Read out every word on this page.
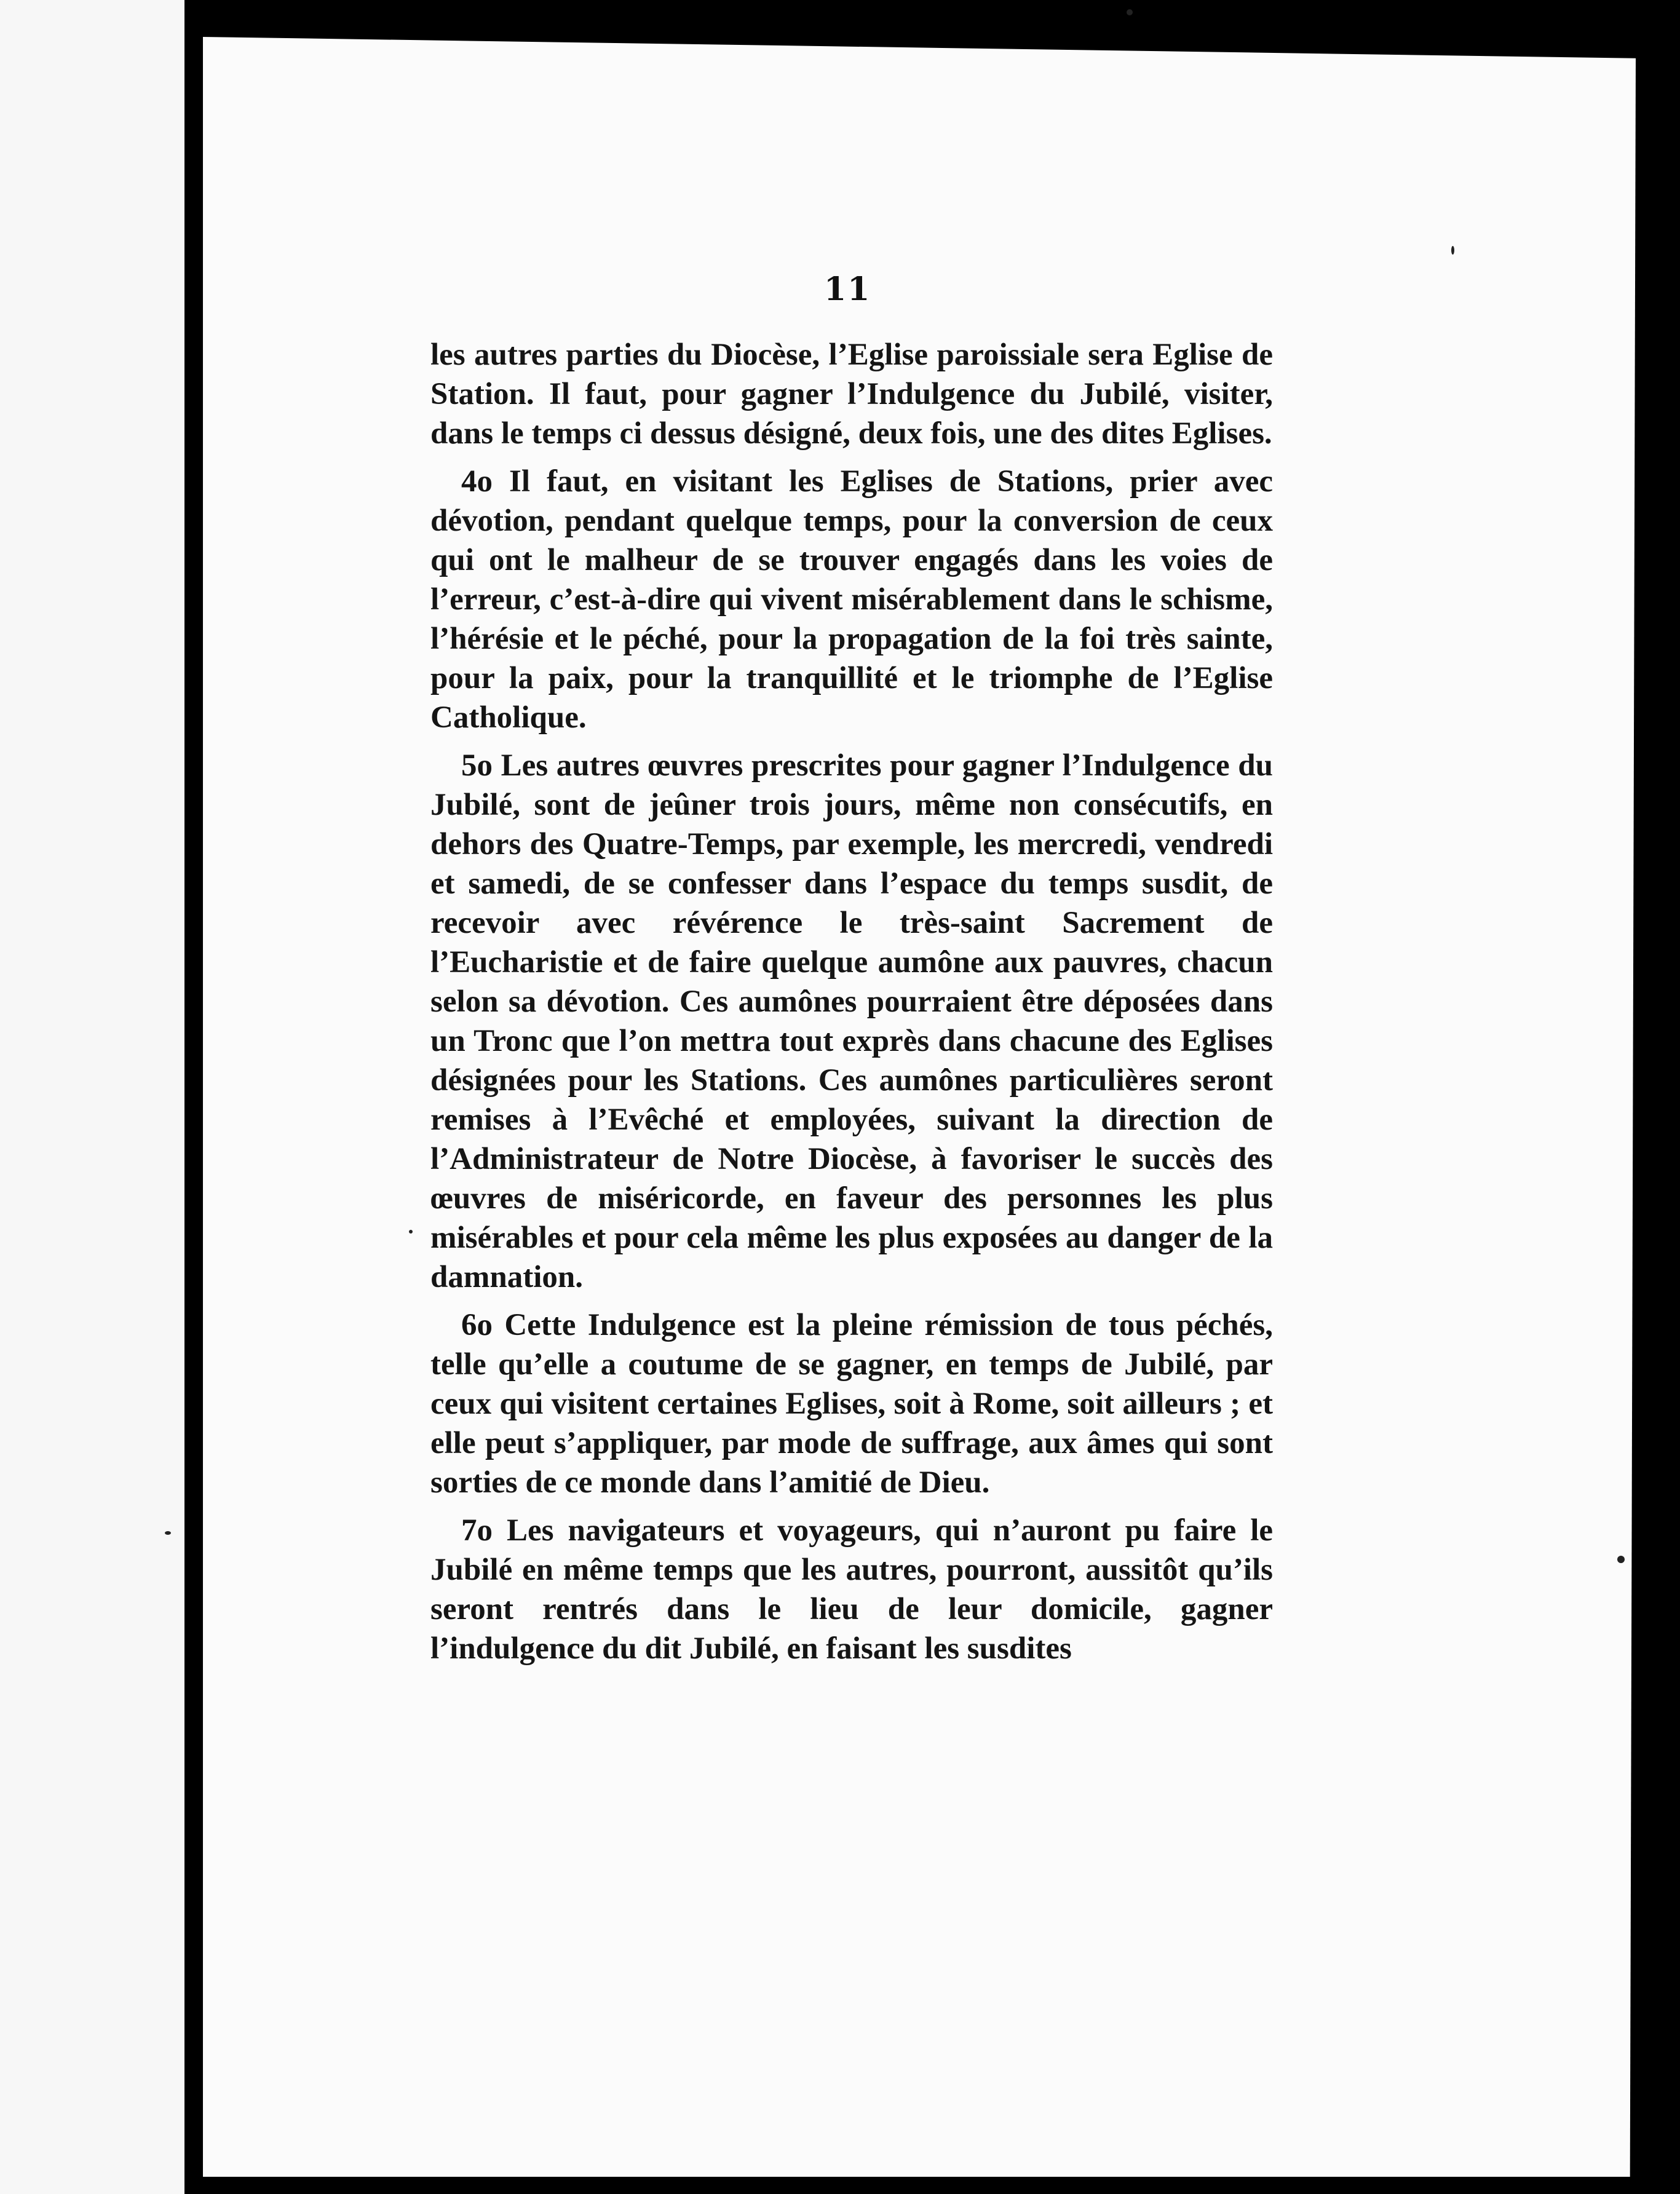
11

les autres parties du Diocèse, l’Eglise paroissiale sera Eglise de Station. Il faut, pour gagner l’Indulgence du Jubilé, visiter, dans le temps ci dessus désigné, deux fois, une des dites Eglises.

4o Il faut, en visitant les Eglises de Stations, prier avec dévotion, pendant quelque temps, pour la conversion de ceux qui ont le malheur de se trouver engagés dans les voies de l’erreur, c’est-à-dire qui vivent misérablement dans le schisme, l’hérésie et le péché, pour la propagation de la foi très sainte, pour la paix, pour la tranquillité et le triomphe de l’Eglise Catholique.

5o Les autres œuvres prescrites pour gagner l’Indulgence du Jubilé, sont de jeûner trois jours, même non consécutifs, en dehors des Quatre-Temps, par exemple, les mercredi, vendredi et samedi, de se confesser dans l’espace du temps susdit, de recevoir avec révérence le très-saint Sacrement de l’Eucharistie et de faire quelque aumône aux pauvres, chacun selon sa dévotion. Ces aumônes pourraient être déposées dans un Tronc que l’on mettra tout exprès dans chacune des Eglises désignées pour les Stations. Ces aumônes particulières seront remises à l’Evêché et employées, suivant la direction de l’Administrateur de Notre Diocèse, à favoriser le succès des œuvres de miséricorde, en faveur des personnes les plus misérables et pour cela même les plus exposées au danger de la damnation.

6o Cette Indulgence est la pleine rémission de tous péchés, telle qu’elle a coutume de se gagner, en temps de Jubilé, par ceux qui visitent certaines Eglises, soit à Rome, soit ailleurs ; et elle peut s’appliquer, par mode de suffrage, aux âmes qui sont sorties de ce monde dans l’amitié de Dieu.

7o Les navigateurs et voyageurs, qui n’auront pu faire le Jubilé en même temps que les autres, pourront, aussitôt qu’ils seront rentrés dans le lieu de leur domicile, gagner l’indulgence du dit Jubilé, en faisant les susdites
